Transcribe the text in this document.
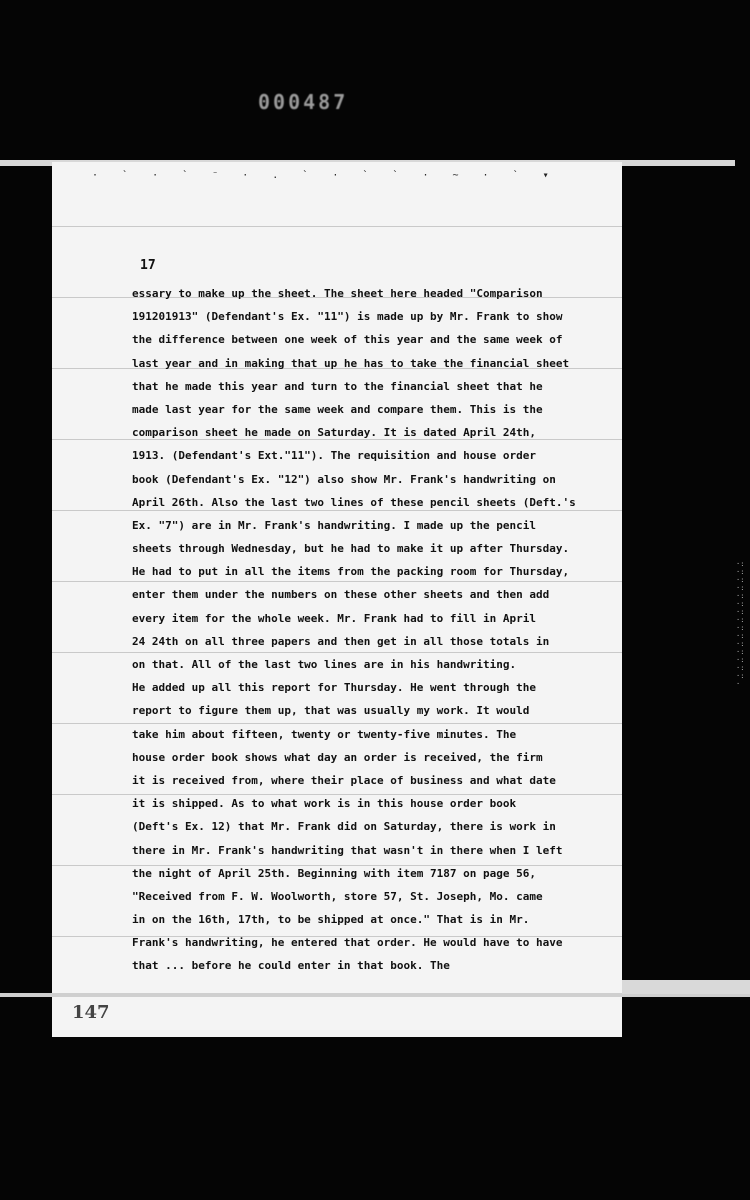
000487
· ` · ` ⁻ · . ` · ` ` · ~ · ` ▾
17
essary to make up the sheet. The sheet here headed "Comparison
191201913" (Defendant's Ex. "11") is made up by Mr. Frank to show
the difference between one week of this year and the same week of
last year and in making that up he has to take the financial sheet
that he made this year and turn to the financial sheet that he
made last year for the same week and compare them. This is the
comparison sheet he made on Saturday. It is dated April 24th,
1913. (Defendant's Ext."11"). The requisition and house order
book (Defendant's Ex. "12") also show Mr. Frank's handwriting on
April 26th. Also the last two lines of these pencil sheets (Deft.'s
Ex. "7") are in Mr. Frank's handwriting. I made up the pencil
sheets through Wednesday, but he had to make it up after Thursday.
He had to put in all the items from the packing room for Thursday,
enter them under the numbers on these other sheets and then add
every item for the whole week. Mr. Frank had to fill in April
24 24th on all three papers and then get in all those totals in
on that. All of the last two lines are in his handwriting.
He added up all this report for Thursday. He went through the
report to figure them up, that was usually my work. It would
take him about fifteen, twenty or twenty-five minutes. The
house order book shows what day an order is received, the firm
it is received from, where their place of business and what date
it is shipped. As to what work is in this house order book
(Deft's Ex. 12) that Mr. Frank did on Saturday, there is work in
there in Mr. Frank's handwriting that wasn't in there when I left
the night of April 25th. Beginning with item 7187 on page 56,
"Received from F. W. Woolworth, store 57, St. Joseph, Mo. came
in on the 16th, 17th, to be shipped at once." That is in Mr.
Frank's handwriting, he entered that order. He would have to have
that ... before he could enter in that book. The
147
·:·:·:·:·:·:·:·:·:·:·:·:·:·:·:·
